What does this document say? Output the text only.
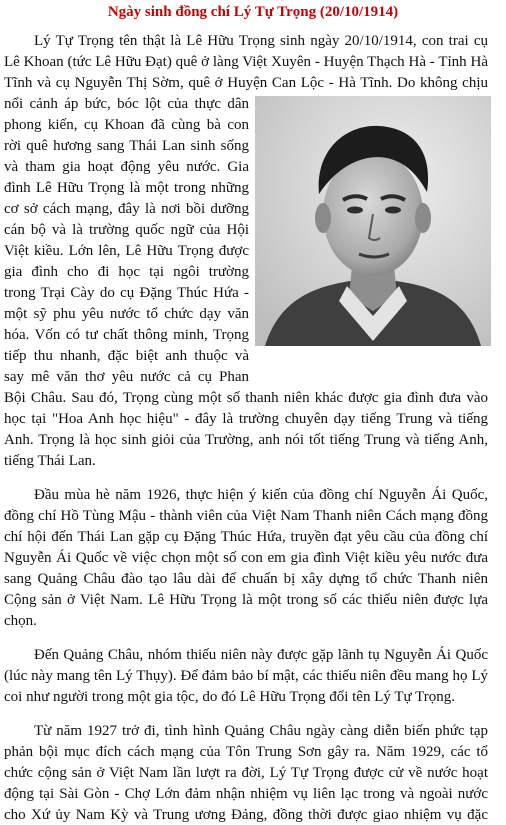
Ngày sinh đồng chí Lý Tự Trọng (20/10/1914)
Lý Tự Trọng tên thật là Lê Hữu Trọng sinh ngày 20/10/1914, con trai cụ
Lê Khoan (tức Lê Hữu Đạt) quê ở làng Việt Xuyên - Huyện Thạch Hà - Tỉnh Hà
Tĩnh và cụ Nguyễn Thị Sờm, quê ở Huyện Can Lộc - Hà Tĩnh. Do không chịu
nổi cảnh áp bức, bóc lột của thực dân
phong kiến, cụ Khoan đã cùng bà con
rời quê hương sang Thái Lan sinh sống
và tham gia hoạt động yêu nước. Gia
đình Lê Hữu Trọng là một trong những
cơ sở cách mạng, đây là nơi bồi dưỡng
cán bộ và là trường quốc ngữ của Hội
Việt kiều. Lớn lên, Lê Hữu Trọng được
gia đình cho đi học tại ngôi trường
trong Trại Cày do cụ Đặng Thúc Hứa -
một sỹ phu yêu nước tổ chức dạy văn
hóa. Vốn có tư chất thông minh, Trọng
tiếp thu nhanh, đặc biệt anh thuộc và
say mê văn thơ yêu nước cả cụ Phan
Bội Châu. Sau đó, Trọng cùng một số thanh niên khác được gia đình đưa vào
học tại "Hoa Anh học hiệu" - đây là trường chuyên dạy tiếng Trung và tiếng
Anh. Trọng là học sinh giỏi của Trường, anh nói tốt tiếng Trung và tiếng Anh,
tiếng Thái Lan.
Đầu mùa hè năm 1926, thực hiện ý kiến của đồng chí Nguyễn Ái Quốc,
đồng chí Hồ Tùng Mậu - thành viên của Việt Nam Thanh niên Cách mạng đồng
chí hội đến Thái Lan gặp cụ Đặng Thúc Hứa, truyền đạt yêu cầu của đồng chí
Nguyễn Ái Quốc về việc chọn một số con em gia đình Việt kiều yêu nước đưa
sang Quảng Châu đào tạo lâu dài để chuẩn bị xây dựng tổ chức Thanh niên
Cộng sản ở Việt Nam. Lê Hữu Trọng là một trong số các thiếu niên được lựa
chọn.
Đến Quảng Châu, nhóm thiếu niên này được gặp lãnh tụ Nguyễn Ái Quốc
(lúc này mang tên Lý Thụy). Để đảm bảo bí mật, các thiếu niên đều mang họ Lý
coi như người trong một gia tộc, do đó Lê Hữu Trọng đổi tên Lý Tự Trọng.
Từ năm 1927 trở đi, tình hình Quảng Châu ngày càng diễn biến phức tạp
phản bội mục đích cách mạng của Tôn Trung Sơn gây ra. Năm 1929, các tổ
chức cộng sản ở Việt Nam lần lượt ra đời, Lý Tự Trọng được cử về nước hoạt
động tại Sài Gòn - Chợ Lớn đảm nhận nhiệm vụ liên lạc trong và ngoài nước
cho Xứ ủy Nam Kỳ và Trung ương Đảng, đồng thời được giao nhiệm vụ đặc
